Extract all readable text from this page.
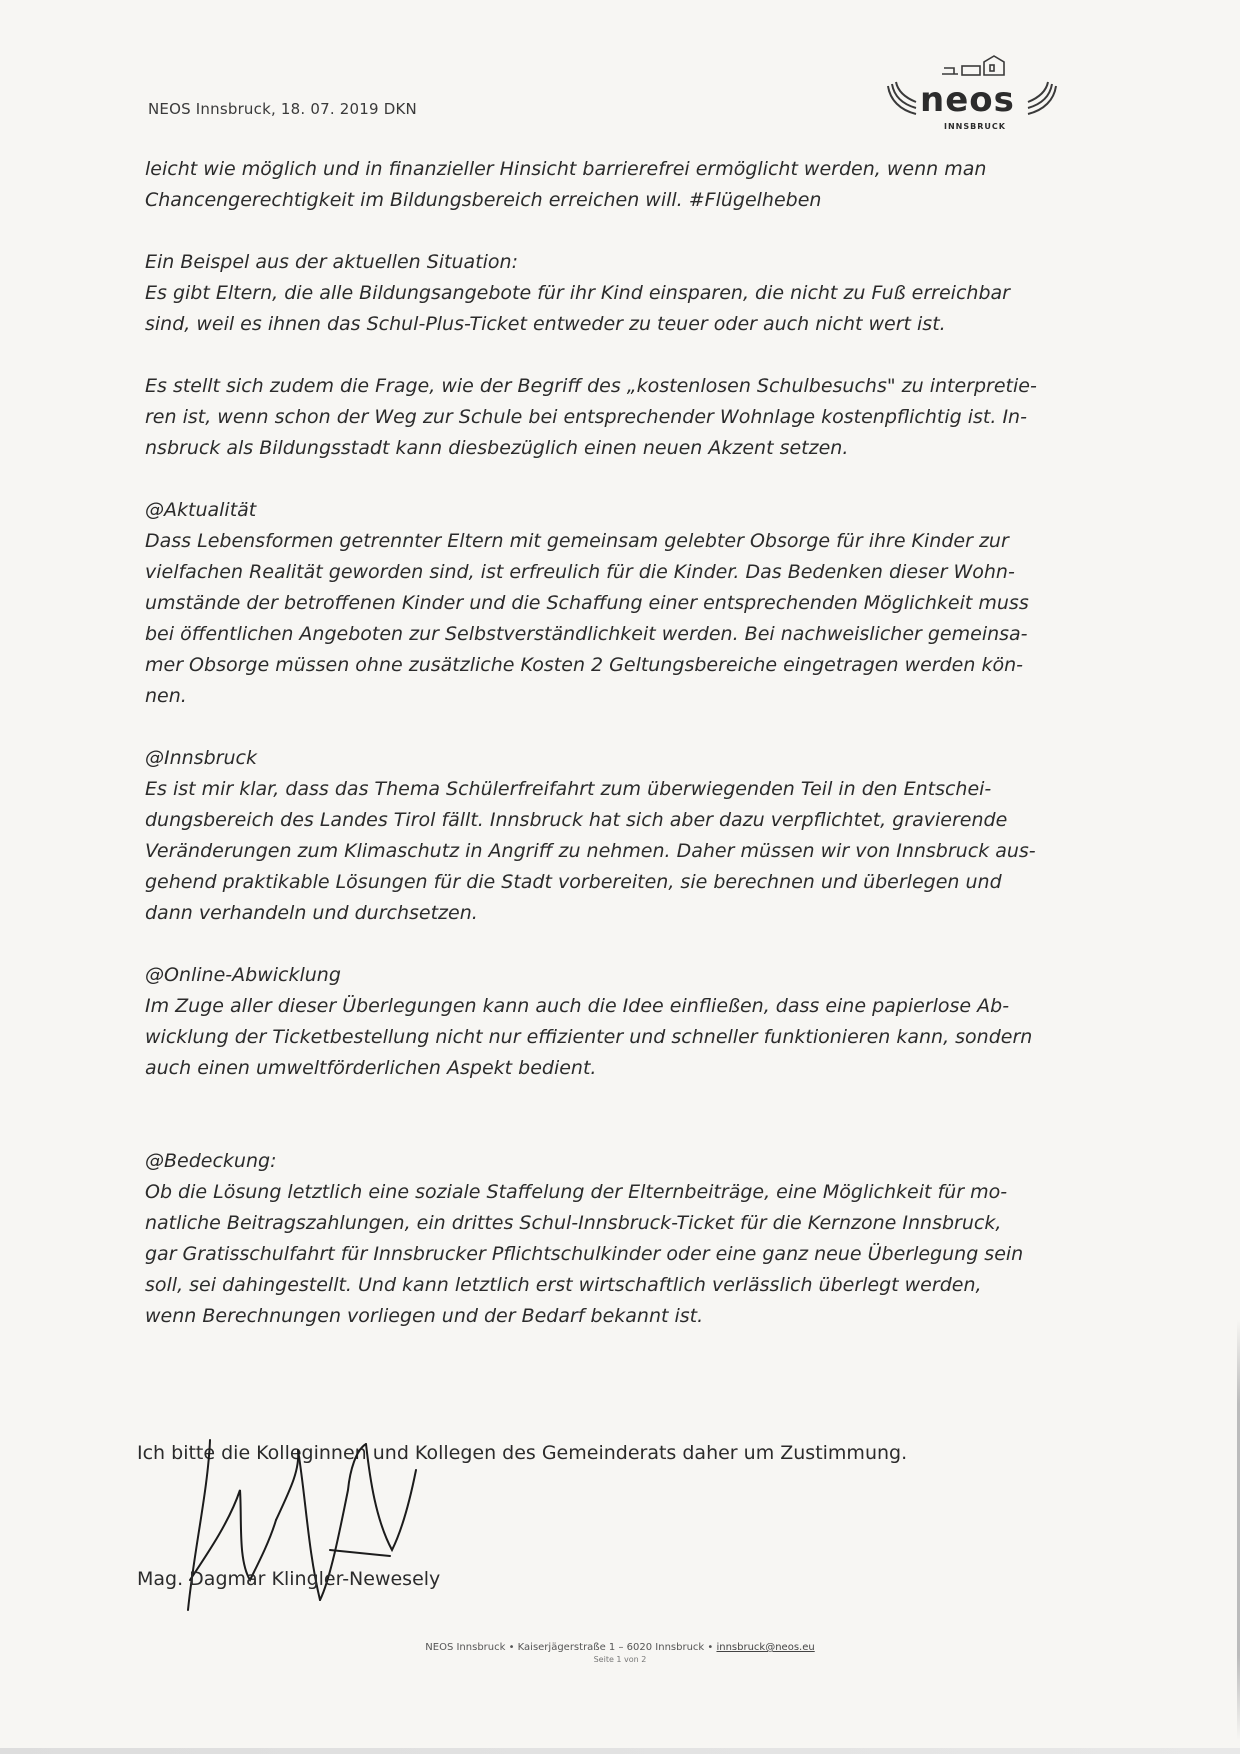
NEOS Innsbruck, 18. 07. 2019 DKN	neos
INNSBRUCK
leicht wie möglich und in finanzieller Hinsicht barrierefrei ermöglicht werden, wenn man
Chancengerechtigkeit im Bildungsbereich erreichen will. #Flügelheben
Ein Beispel aus der aktuellen Situation:
Es gibt Eltern, die alle Bildungsangebote für ihr Kind einsparen, die nicht zu Fuß erreichbar
sind, weil es ihnen das Schul-Plus-Ticket entweder zu teuer oder auch nicht wert ist.
Es stellt sich zudem die Frage, wie der Begriff des „kostenlosen Schulbesuchs" zu interpretie-
ren ist, wenn schon der Weg zur Schule bei entsprechender Wohnlage kostenpflichtig ist. In-
nsbruck als Bildungsstadt kann diesbezüglich einen neuen Akzent setzen.
@Aktualität
Dass Lebensformen getrennter Eltern mit gemeinsam gelebter Obsorge für ihre Kinder zur
vielfachen Realität geworden sind, ist erfreulich für die Kinder. Das Bedenken dieser Wohn-
umstände der betroffenen Kinder und die Schaffung einer entsprechenden Möglichkeit muss
bei öffentlichen Angeboten zur Selbstverständlichkeit werden. Bei nachweislicher gemeinsa-
mer Obsorge müssen ohne zusätzliche Kosten 2 Geltungsbereiche eingetragen werden kön-
nen.
@Innsbruck
Es ist mir klar, dass das Thema Schülerfreifahrt zum überwiegenden Teil in den Entschei-
dungsbereich des Landes Tirol fällt. Innsbruck hat sich aber dazu verpflichtet, gravierende
Veränderungen zum Klimaschutz in Angriff zu nehmen. Daher müssen wir von Innsbruck aus-
gehend praktikable Lösungen für die Stadt vorbereiten, sie berechnen und überlegen und
dann verhandeln und durchsetzen.
@Online-Abwicklung
Im Zuge aller dieser Überlegungen kann auch die Idee einfließen, dass eine papierlose Ab-
wicklung der Ticketbestellung nicht nur effizienter und schneller funktionieren kann, sondern
auch einen umweltförderlichen Aspekt bedient.
@Bedeckung:
Ob die Lösung letztlich eine soziale Staffelung der Elternbeiträge, eine Möglichkeit für mo-
natliche Beitragszahlungen, ein drittes Schul-Innsbruck-Ticket für die Kernzone Innsbruck,
gar Gratisschulfahrt für Innsbrucker Pflichtschulkinder oder eine ganz neue Überlegung sein
soll, sei dahingestellt. Und kann letztlich erst wirtschaftlich verlässlich überlegt werden,
wenn Berechnungen vorliegen und der Bedarf bekannt ist.
Ich bitte die Kolleginnen und Kollegen des Gemeinderats daher um Zustimmung.
Mag. Dagmar Klingler-Newesely
NEOS Innsbruck • Kaiserjägerstraße 1 – 6020 Innsbruck • innsbruck@neos.eu
Seite 1 von 2
